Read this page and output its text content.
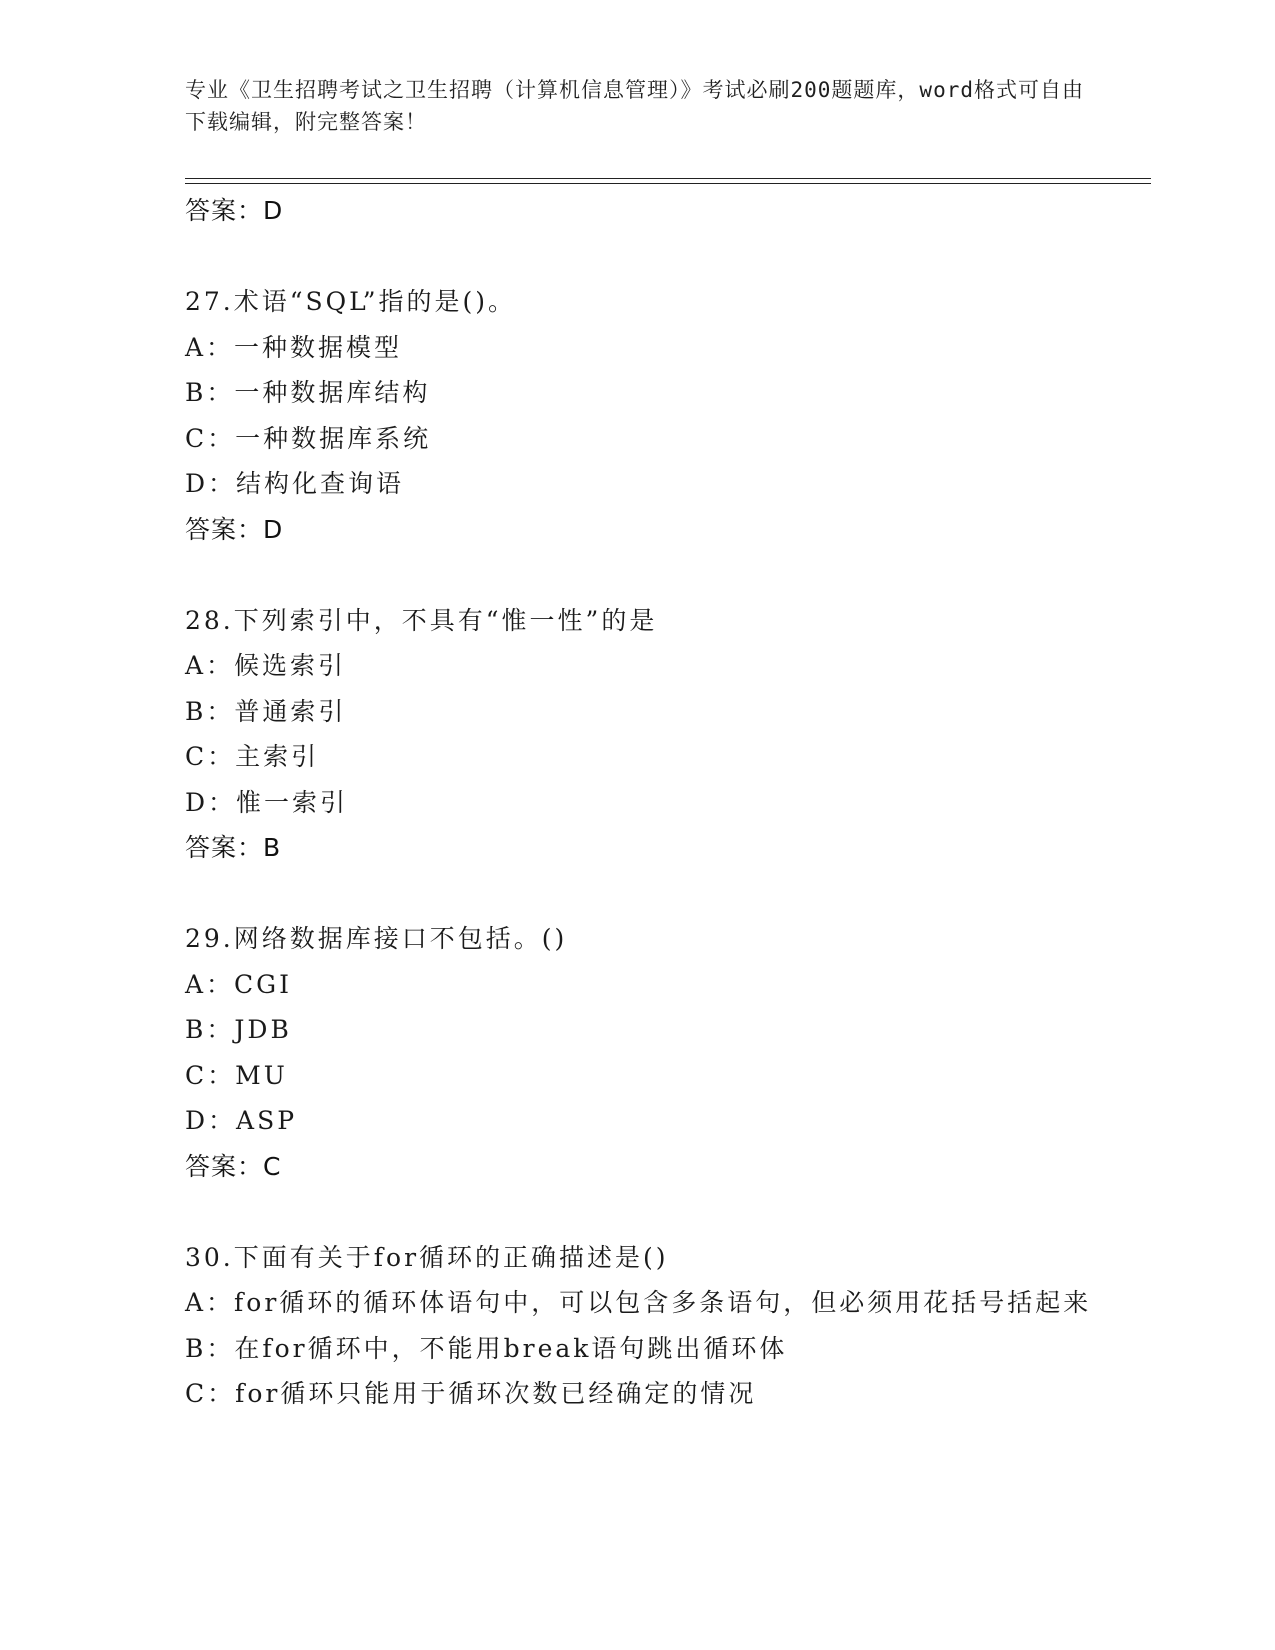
专业《卫生招聘考试之卫生招聘（计算机信息管理）》考试必刷200题题库，word格式可自由下载编辑，附完整答案！
答案：D
27.术语“SQL”指的是()。
A：一种数据模型
B：一种数据库结构
C：一种数据库系统
D：结构化查询语
答案：D
28.下列索引中，不具有“惟一性”的是
A：候选索引
B：普通索引
C：主索引
D：惟一索引
答案：B
29.网络数据库接口不包括。()
A：CGI
B：JDB
C：MU
D：ASP
答案：C
30.下面有关于for循环的正确描述是()
A：for循环的循环体语句中，可以包含多条语句，但必须用花括号括起来
B：在for循环中，不能用break语句跳出循环体
C：for循环只能用于循环次数已经确定的情况
